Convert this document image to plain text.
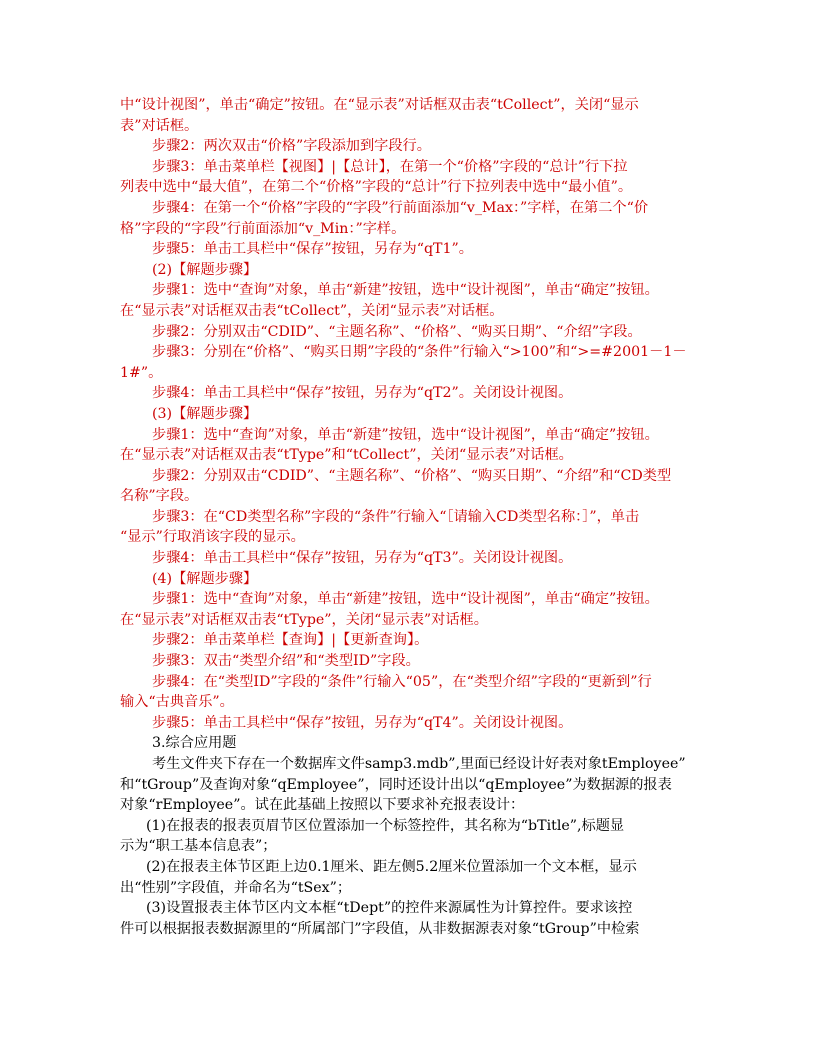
中“设计视图”，单击“确定”按钮。在“显示表”对话框双击表“tCollect”，关闭“显示
表”对话框。
步骤2：两次双击“价格”字段添加到字段行。
步骤3：单击菜单栏【视图】|【总计】，在第一个“价格”字段的“总计”行下拉
列表中选中“最大值”，在第二个“价格”字段的“总计”行下拉列表中选中“最小值”。
步骤4：在第一个“价格”字段的“字段”行前面添加“v_Max：”字样，在第二个“价
格”字段的“字段”行前面添加“v_Min：”字样。
步骤5：单击工具栏中“保存”按钮，另存为“qT1”。
(2)【解题步骤】
步骤1：选中“查询”对象，单击“新建”按钮，选中“设计视图”，单击“确定”按钮。
在“显示表”对话框双击表“tCollect”，关闭“显示表”对话框。
步骤2：分别双击“CDID”、“主题名称”、“价格”、“购买日期”、“介绍”字段。
步骤3：分别在“价格”、“购买日期”字段的“条件”行输入“>100”和“>=#2001－1－
1#”。
步骤4：单击工具栏中“保存”按钮，另存为“qT2”。关闭设计视图。
(3)【解题步骤】
步骤1：选中“查询”对象，单击“新建”按钮，选中“设计视图”，单击“确定”按钮。
在“显示表”对话框双击表“tType”和“tCollect”，关闭“显示表”对话框。
步骤2：分别双击“CDID”、“主题名称”、“价格”、“购买日期”、“介绍”和“CD类型
名称”字段。
步骤3：在“CD类型名称”字段的“条件”行输入“［请输入CD类型名称：］”，单击
“显示”行取消该字段的显示。
步骤4：单击工具栏中“保存”按钮，另存为“qT3”。关闭设计视图。
(4)【解题步骤】
步骤1：选中“查询”对象，单击“新建”按钮，选中“设计视图”，单击“确定”按钮。
在“显示表”对话框双击表“tType”，关闭“显示表”对话框。
步骤2：单击菜单栏【查询】|【更新查询】。
步骤3：双击“类型介绍”和“类型ID”字段。
步骤4：在“类型ID”字段的“条件”行输入“05”，在“类型介绍”字段的“更新到”行
输入“古典音乐”。
步骤5：单击工具栏中“保存”按钮，另存为“qT4”。关闭设计视图。
3.综合应用题
考生文件夹下存在一个数据库文件samp3.mdb”,里面已经设计好表对象tEmployee”
和“tGroup”及查询对象“qEmployee”，同时还设计出以“qEmployee”为数据源的报表
对象“rEmployee”。试在此基础上按照以下要求补充报表设计：
(1)在报表的报表页眉节区位置添加一个标签控件，其名称为“bTitle”,标题显
示为“职工基本信息表”；
(2)在报表主体节区距上边0.1厘米、距左侧5.2厘米位置添加一个文本框，显示
出“性别”字段值，并命名为“tSex”；
(3)设置报表主体节区内文本框“tDept”的控件来源属性为计算控件。要求该控
件可以根据报表数据源里的“所属部门”字段值，从非数据源表对象“tGroup”中检索
